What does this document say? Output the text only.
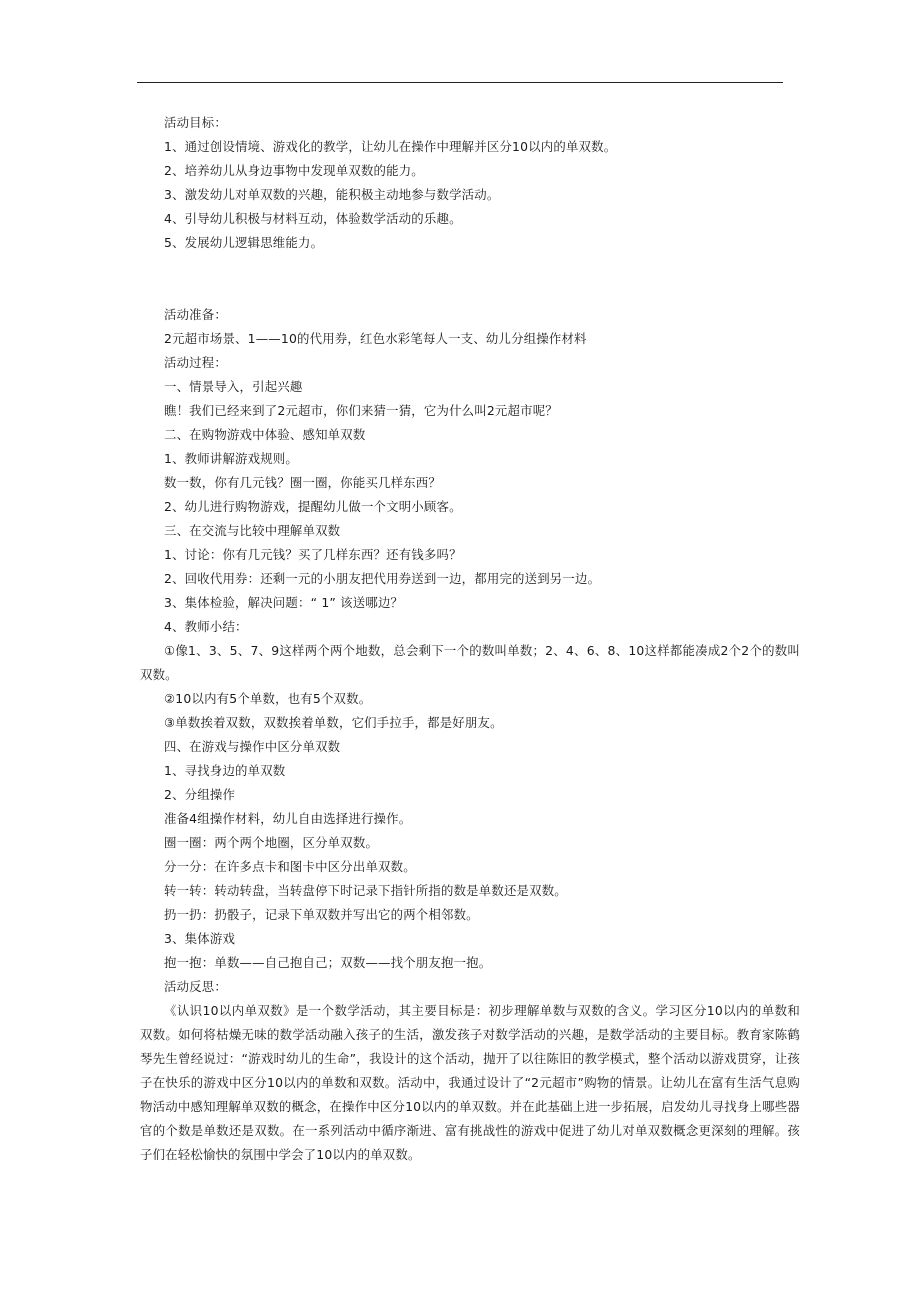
活动目标：
1、通过创设情境、游戏化的教学，让幼儿在操作中理解并区分10以内的单双数。
2、培养幼儿从身边事物中发现单双数的能力。
3、激发幼儿对单双数的兴趣，能积极主动地参与数学活动。
4、引导幼儿积极与材料互动，体验数学活动的乐趣。
5、发展幼儿逻辑思维能力。
活动准备：
2元超市场景、1——10的代用券，红色水彩笔每人一支、幼儿分组操作材料
活动过程：
一、情景导入，引起兴趣
瞧！我们已经来到了2元超市，你们来猜一猜，它为什么叫2元超市呢？
二、在购物游戏中体验、感知单双数
1、教师讲解游戏规则。
数一数，你有几元钱？圈一圈，你能买几样东西？
2、幼儿进行购物游戏，提醒幼儿做一个文明小顾客。
三、在交流与比较中理解单双数
1、讨论：你有几元钱？买了几样东西？还有钱多吗？
2、回收代用券：还剩一元的小朋友把代用券送到一边，都用完的送到另一边。
3、集体检验，解决问题：“ 1” 该送哪边？
4、教师小结：
①像1、3、5、7、9这样两个两个地数，总会剩下一个的数叫单数；2、4、6、8、10这样都能凑成2个2个的数叫双数。
②10以内有5个单数，也有5个双数。
③单数挨着双数，双数挨着单数，它们手拉手，都是好朋友。
四、在游戏与操作中区分单双数
1、寻找身边的单双数
2、分组操作
准备4组操作材料，幼儿自由选择进行操作。
圈一圈：两个两个地圈，区分单双数。
分一分：在许多点卡和图卡中区分出单双数。
转一转：转动转盘，当转盘停下时记录下指针所指的数是单数还是双数。
扔一扔：扔骰子，记录下单双数并写出它的两个相邻数。
3、集体游戏
抱一抱：单数——自己抱自己；双数——找个朋友抱一抱。
活动反思：
《认识10以内单双数》是一个数学活动，其主要目标是：初步理解单数与双数的含义。学习区分10以内的单数和双数。如何将枯燥无味的数学活动融入孩子的生活，激发孩子对数学活动的兴趣，是数学活动的主要目标。教育家陈鹤琴先生曾经说过：“游戏时幼儿的生命”，我设计的这个活动，抛开了以往陈旧的教学模式，整个活动以游戏贯穿，让孩子在快乐的游戏中区分10以内的单数和双数。活动中，我通过设计了“2元超市”购物的情景。让幼儿在富有生活气息购物活动中感知理解单双数的概念，在操作中区分10以内的单双数。并在此基础上进一步拓展，启发幼儿寻找身上哪些器官的个数是单数还是双数。在一系列活动中循序渐进、富有挑战性的游戏中促进了幼儿对单双数概念更深刻的理解。孩子们在轻松愉快的氛围中学会了10以内的单双数。
